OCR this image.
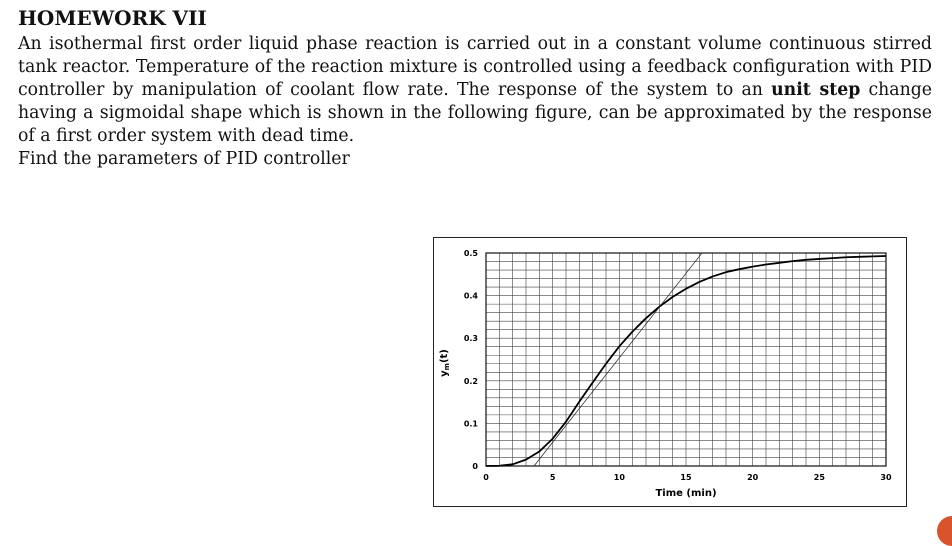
HOMEWORK VII
An isothermal first order liquid phase reaction is carried out in a constant volume continuous stirred tank reactor. Temperature of the reaction mixture is controlled using a feedback configuration with PID controller by manipulation of coolant flow rate. The response of the system to an unit step change having a sigmoidal shape which is shown in the following figure, can be approximated by the response of a first order system with dead time.
Find the parameters of PID controller
0	5	10	15	20	25	30
0
0.1
0.2
0.3
0.4
0.5
Time (min)
$y_m(t)$
